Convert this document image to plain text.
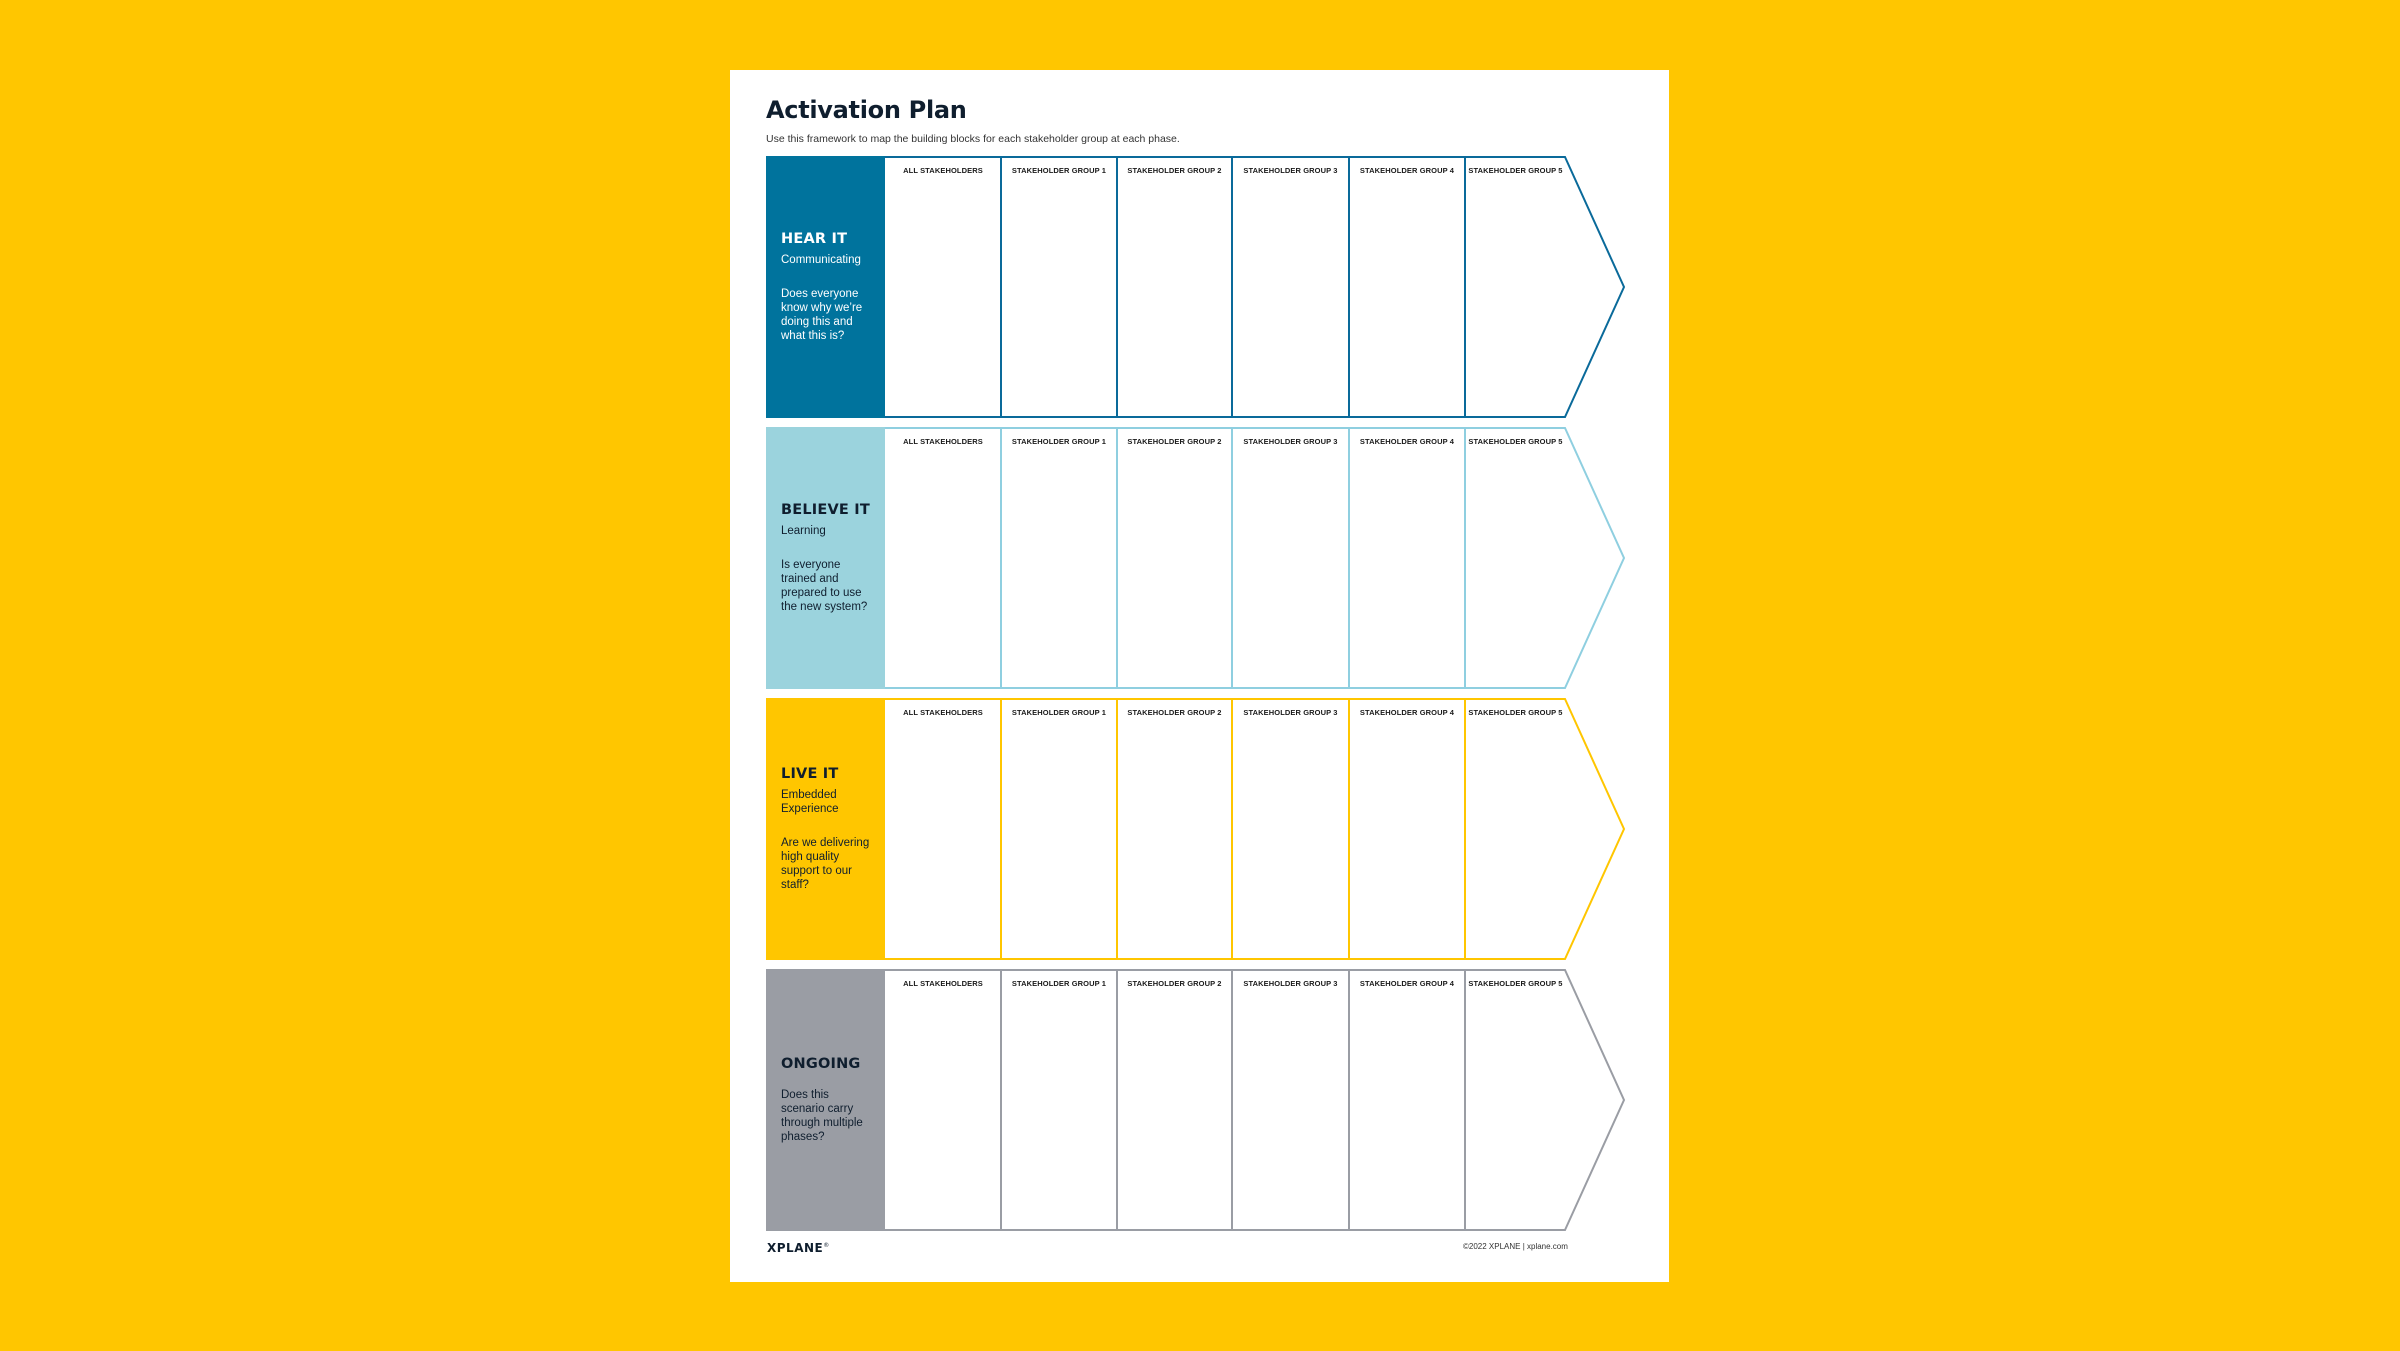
Activation Plan
Use this framework to map the building blocks for each stakeholder group at each phase.
HEAR IT
Communicating
Does everyone know why we’re doing this and what this is?
ALL STAKEHOLDERS	STAKEHOLDER GROUP 1	STAKEHOLDER GROUP 2	STAKEHOLDER GROUP 3	STAKEHOLDER GROUP 4	STAKEHOLDER GROUP 5
BELIEVE IT
Learning
Is everyone trained and prepared to use the new system?
ALL STAKEHOLDERS	STAKEHOLDER GROUP 1	STAKEHOLDER GROUP 2	STAKEHOLDER GROUP 3	STAKEHOLDER GROUP 4	STAKEHOLDER GROUP 5
LIVE IT
Embedded Experience
Are we delivering high quality support to our staff?
ALL STAKEHOLDERS	STAKEHOLDER GROUP 1	STAKEHOLDER GROUP 2	STAKEHOLDER GROUP 3	STAKEHOLDER GROUP 4	STAKEHOLDER GROUP 5
ONGOING
Does this scenario carry through multiple phases?
ALL STAKEHOLDERS	STAKEHOLDER GROUP 1	STAKEHOLDER GROUP 2	STAKEHOLDER GROUP 3	STAKEHOLDER GROUP 4	STAKEHOLDER GROUP 5
XPLANE®	©2022 XPLANE | xplane.com
